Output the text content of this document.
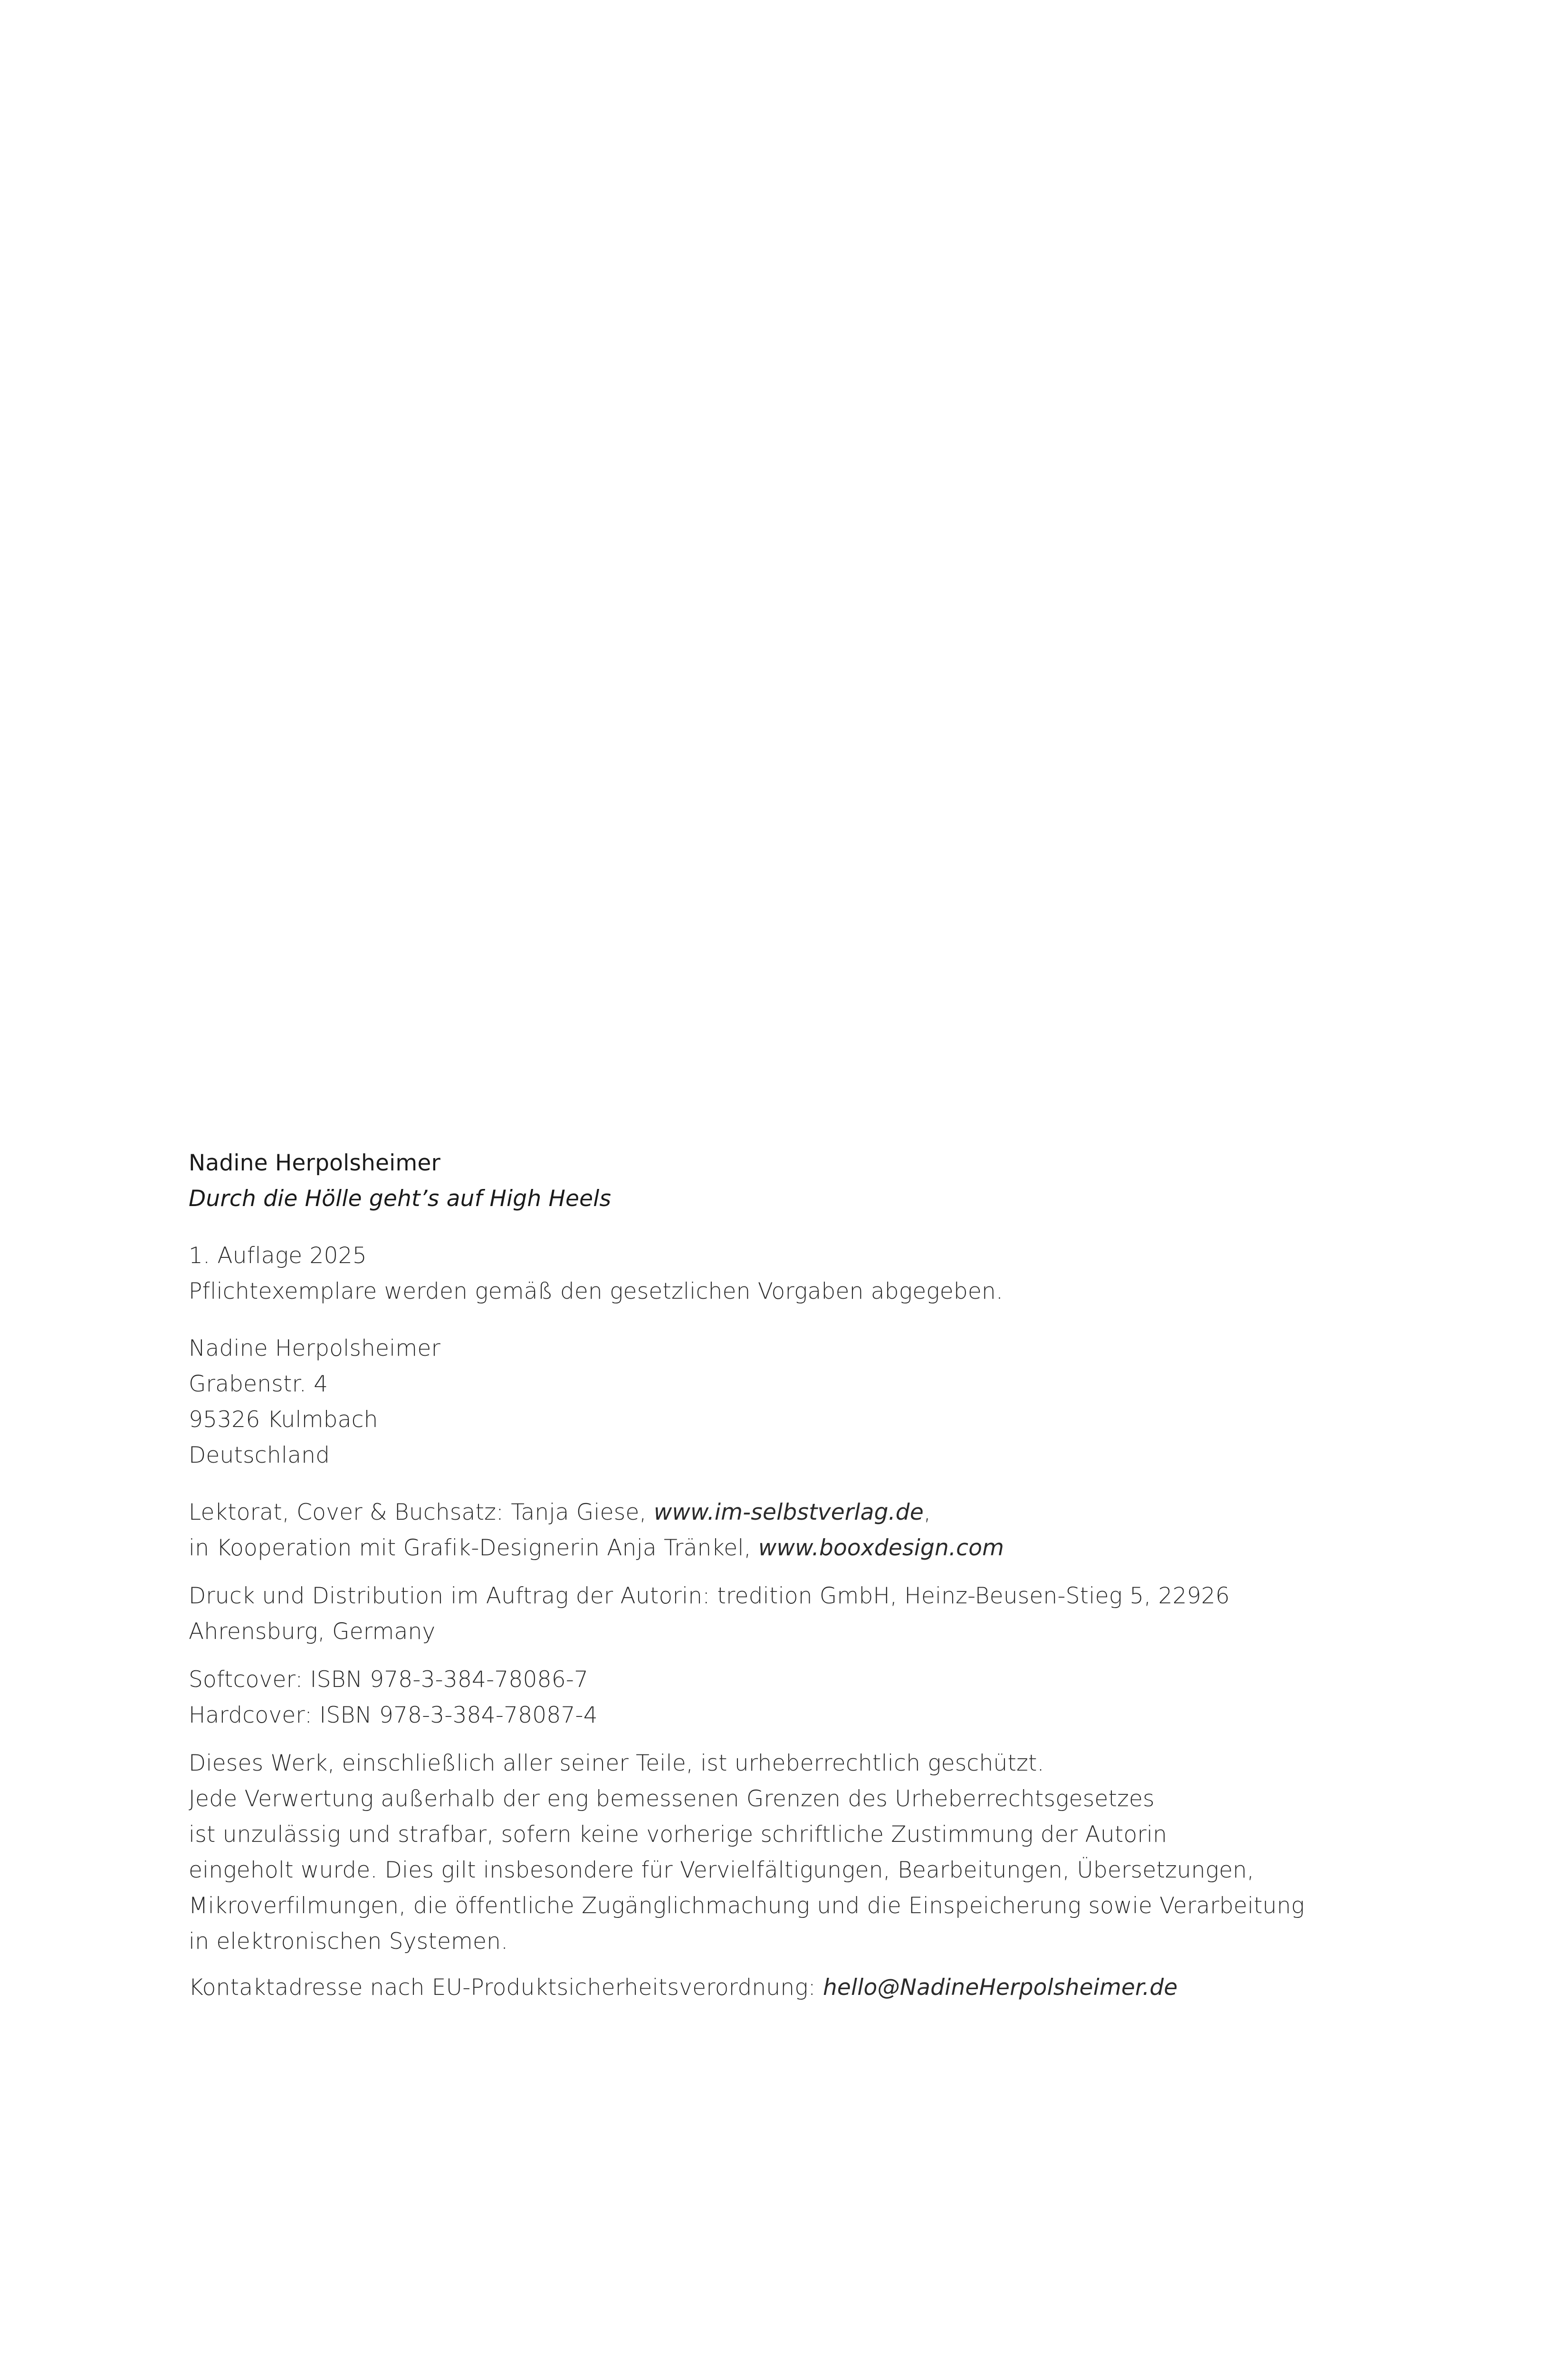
Nadine Herpolsheimer
Durch die Hölle geht’s auf High Heels
1. Auflage 2025
Pflichtexemplare werden gemäß den gesetzlichen Vorgaben abgegeben.
Nadine Herpolsheimer
Grabenstr. 4
95326 Kulmbach
Deutschland
Lektorat, Cover & Buchsatz: Tanja Giese, www.im-selbstverlag.de,
in Kooperation mit Grafik-Designerin Anja Tränkel, www.booxdesign.com
Druck und Distribution im Auftrag der Autorin: tredition GmbH, Heinz-Beusen-Stieg 5, 22926
Ahrensburg, Germany
Softcover: ISBN 978-3-384-78086-7
Hardcover: ISBN 978-3-384-78087-4
Dieses Werk, einschließlich aller seiner Teile, ist urheberrechtlich geschützt.
Jede Verwertung außerhalb der eng bemessenen Grenzen des Urheberrechtsgesetzes
ist unzulässig und strafbar, sofern keine vorherige schriftliche Zustimmung der Autorin
eingeholt wurde. Dies gilt insbesondere für Vervielfältigungen, Bearbeitungen, Übersetzungen,
Mikroverfilmungen, die öffentliche Zugänglichmachung und die Einspeicherung sowie Verarbeitung
in elektronischen Systemen.
Kontaktadresse nach EU-Produktsicherheitsverordnung: hello@NadineHerpolsheimer.de
